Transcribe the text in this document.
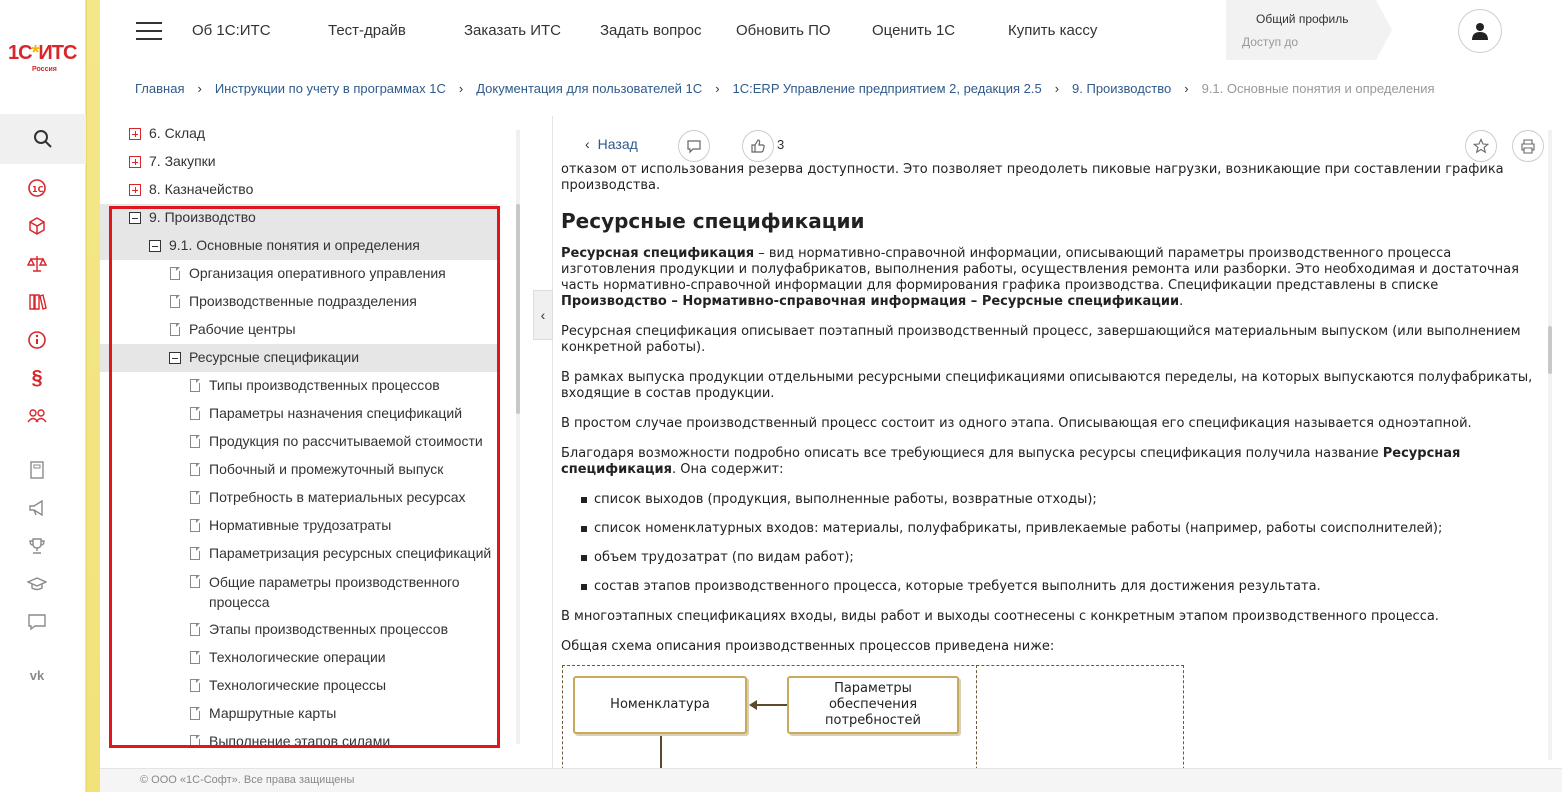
1С*ИТС
Россия
1С
§
vk
Об 1С:ИТС	Тест-драйв	Заказать ИТС	Задать вопрос Обновить ПО	Оценить 1С	Купить кассу
Общий профиль
Доступ до
Главная › Инструкции по учету в программах 1С › Документация для пользователей 1С › 1С:ERP Управление предприятием 2, редакция 2.5 › 9. Производство › 9.1. Основные понятия и определения
6. Склад
7. Закупки
8. Казначейство
9. Производство
9.1. Основные понятия и определения
Организация оперативного управления
Производственные подразделения
Рабочие центры
Ресурсные спецификации
Типы производственных процессов
Параметры назначения спецификаций
Продукция по рассчитываемой стоимости
Побочный и промежуточный выпуск
Потребность в материальных ресурсах
Нормативные трудозатраты
Параметризация ресурсных спецификаций
Общие параметры производственного процесса
Этапы производственных процессов
Технологические операции
Технологические процессы
Маршрутные карты
Выполнение этапов силами
‹
‹ Назад	3

отказом от использования резерва доступности. Это позволяет преодолеть пиковые нагрузки, возникающие при составлении графика производства.

Ресурсные спецификации

Ресурсная спецификация – вид нормативно-справочной информации, описывающий параметры производственного процесса изготовления продукции и полуфабрикатов, выполнения работы, осуществления ремонта или разборки. Это необходимая и достаточная часть нормативно-справочной информации для формирования графика производства. Спецификации представлены в списке Производство – Нормативно-справочная информация – Ресурсные спецификации.

Ресурсная спецификация описывает поэтапный производственный процесс, завершающийся материальным выпуском (или выполнением конкретной работы).

В рамках выпуска продукции отдельными ресурсными спецификациями описываются переделы, на которых выпускаются полуфабрикаты, входящие в состав продукции.

В простом случае производственный процесс состоит из одного этапа. Описывающая его спецификация называется одноэтапной.

Благодаря возможности подробно описать все требующиеся для выпуска ресурсы спецификация получила название Ресурсная спецификация. Она содержит:

список выходов (продукция, выполненные работы, возвратные отходы);
список номенклатурных входов: материалы, полуфабрикаты, привлекаемые работы (например, работы соисполнителей);
объем трудозатрат (по видам работ);
состав этапов производственного процесса, которые требуется выполнить для достижения результата.

В многоэтапных спецификациях входы, виды работ и выходы соотнесены с конкретным этапом производственного процесса.

Общая схема описания производственных процессов приведена ниже:

Номенклатура
Параметры обеспечения потребностей
© ООО «1С-Софт». Все права защищены
